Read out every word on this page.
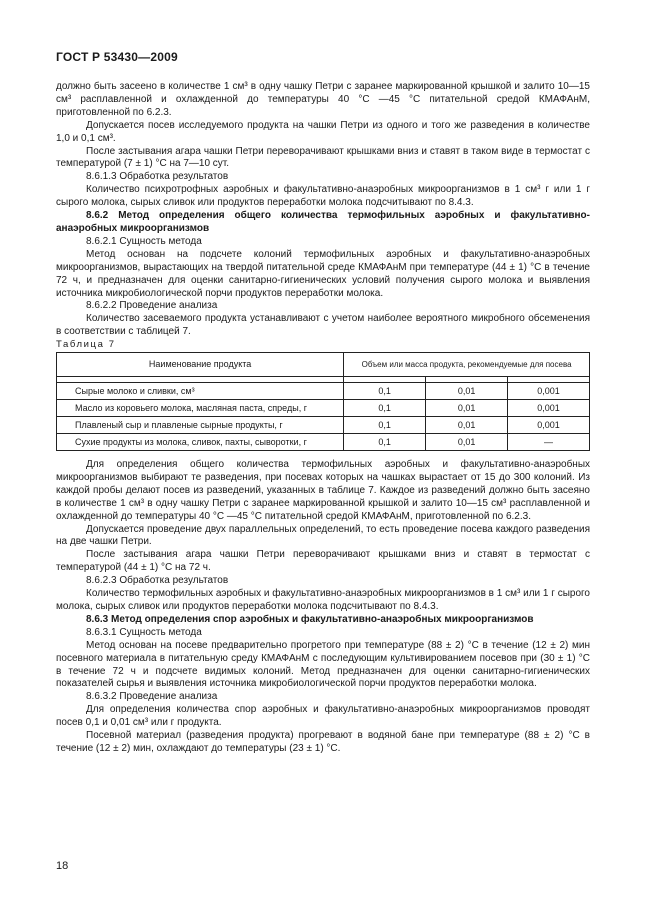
ГОСТ Р 53430—2009

должно быть засеено в количестве 1 см³ в одну чашку Петри с заранее маркированной крышкой и залито 10—15 см³ расплавленной и охлажденной до температуры 40 °С —45 °С питательной средой КМАФАнМ, приготовленной по 6.2.3.

Допускается посев исследуемого продукта на чашки Петри из одного и того же разведения в количестве 1,0 и 0,1 см³.

После застывания агара чашки Петри переворачивают крышками вниз и ставят в таком виде в термостат с температурой (7 ± 1) °С на 7—10 сут.

8.6.1.3 Обработка результатов

Количество психротрофных аэробных и факультативно-анаэробных микроорганизмов в 1 см³ г или 1 г сырого молока, сырых сливок или продуктов переработки молока подсчитывают по 8.4.3.

8.6.2 Метод определения общего количества термофильных аэробных и факультативно-анаэробных микроорганизмов

8.6.2.1 Сущность метода

Метод основан на подсчете колоний термофильных аэробных и факультативно-анаэробных микроорганизмов, вырастающих на твердой питательной среде КМАФАнМ при температуре (44 ± 1) °С в течение 72 ч, и предназначен для оценки санитарно-гигиенических условий получения сырого молока и выявления источника микробиологической порчи продуктов переработки молока.

8.6.2.2 Проведение анализа

Количество засеваемого продукта устанавливают с учетом наиболее вероятного микробного обсеменения в соответствии с таблицей 7.

Таблица 7

Наименование продукта	Объем или масса продукта, рекомендуемые для посева		

Сырые молоко и сливки, см³	0,1	0,01	0,001
Масло из коровьего молока, масляная паста, спреды, г	0,1	0,01	0,001
Плавленый сыр и плавленые сырные продукты, г	0,1	0,01	0,001
Сухие продукты из молока, сливок, пахты, сыворотки, г	0,1	0,01	—

Для определения общего количества термофильных аэробных и факультативно-анаэробных микроорганизмов выбирают те разведения, при посевах которых на чашках вырастает от 15 до 300 колоний. Из каждой пробы делают посев из разведений, указанных в таблице 7. Каждое из разведений должно быть засеяно в количестве 1 см³ в одну чашку Петри с заранее маркированной крышкой и залито 10—15 см³ расплавленной и охлажденной до температуры 40 °С —45 °С питательной средой КМАФАнМ, приготовленной по 6.2.3.

Допускается проведение двух параллельных определений, то есть проведение посева каждого разведения на две чашки Петри.

После застывания агара чашки Петри переворачивают крышками вниз и ставят в термостат с температурой (44 ± 1) °С на 72 ч.

8.6.2.3 Обработка результатов

Количество термофильных аэробных и факультативно-анаэробных микроорганизмов в 1 см³ или 1 г сырого молока, сырых сливок или продуктов переработки молока подсчитывают по 8.4.3.

8.6.3 Метод определения спор аэробных и факультативно-анаэробных микроорганизмов

8.6.3.1 Сущность метода

Метод основан на посеве предварительно прогретого при температуре (88 ± 2) °С в течение (12 ± 2) мин посевного материала в питательную среду КМАФАнМ с последующим культивированием посевов при (30 ± 1) °С в течение 72 ч и подсчете видимых колоний. Метод предназначен для оценки санитарно-гигиенических показателей сырья и выявления источника микробиологической порчи продуктов переработки молока.

8.6.3.2 Проведение анализа

Для определения количества спор аэробных и факультативно-анаэробных микроорганизмов проводят посев 0,1 и 0,01 см³ или г продукта.

Посевной материал (разведения продукта) прогревают в водяной бане при температуре (88 ± 2) °С в течение (12 ± 2) мин, охлаждают до температуры (23 ± 1) °С.

18
